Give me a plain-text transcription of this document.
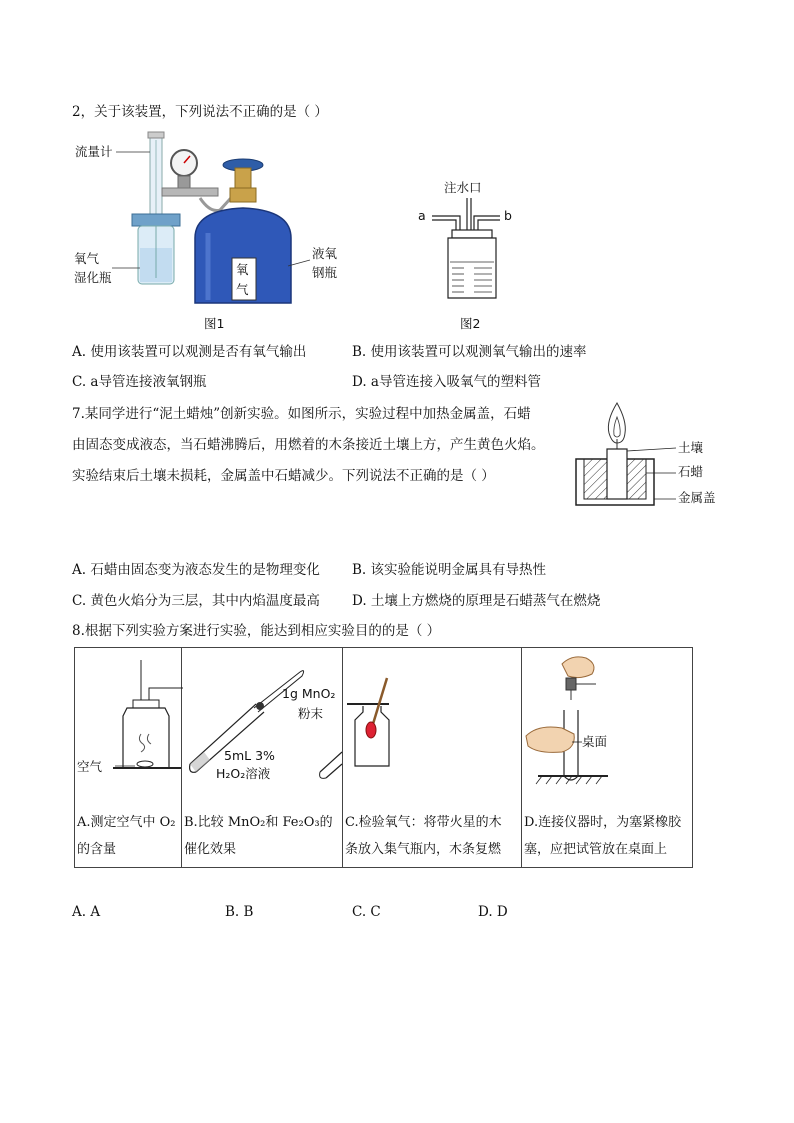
2，关于该装置，下列说法不正确的是（ ）
氧
气
流量计
氧气
湿化瓶
液氧
钢瓶
图1
注水口
a	b
图2
A. 使用该装置可以观测是否有氧气输出	B. 使用该装置可以观测氧气输出的速率
C. a导管连接液氧钢瓶	D. a导管连接入吸氧气的塑料管
7.某同学进行“泥土蜡烛”创新实验。如图所示，实验过程中加热金属盖，石蜡
由固态变成液态，当石蜡沸腾后，用燃着的木条接近土壤上方，产生黄色火焰。
实验结束后土壤未损耗，金属盖中石蜡减少。下列说法不正确的是（ ）
土壤
石蜡
金属盖
A. 石蜡由固态变为液态发生的是物理变化 B. 该实验能说明金属具有导热性
C. 黄色火焰分为三层，其中内焰温度最高 D. 土壤上方燃烧的原理是石蜡蒸气在燃烧
8.根据下列实验方案进行实验，能达到相应实验目的的是（ ）
空气
A.测定空气中 O₂
的含量

1g MnO₂
粉末
5mL 3%
H₂O₂溶液
B.比较 MnO₂和 Fe₂O₃的
催化效果

C.检验氧气：将带火星的木
条放入集气瓶内，木条复燃

桌面
D.连接仪器时，为塞紧橡胶
塞，应把试管放在桌面上
A. A	B. B	C. C	D. D
